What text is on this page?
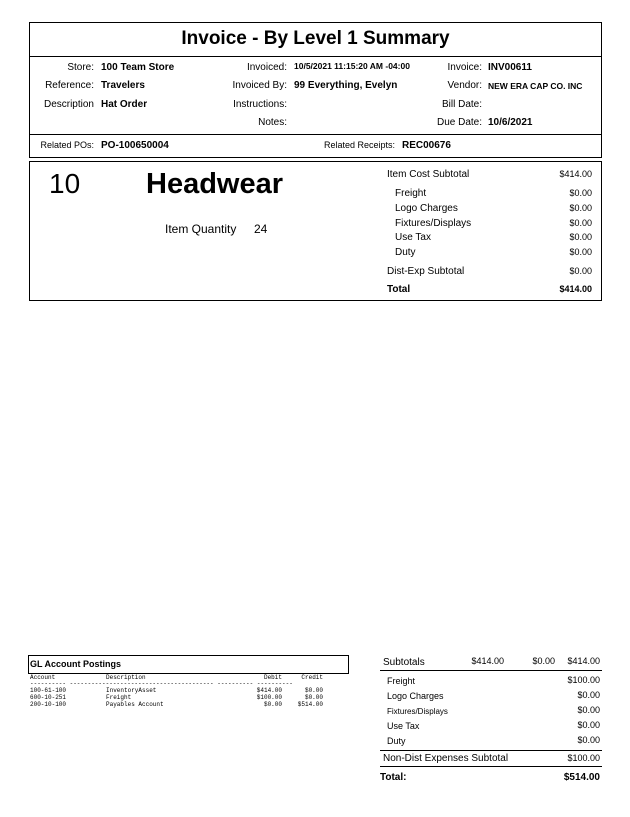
Invoice - By Level 1 Summary
Store: 100 Team Store
Reference: Travelers
Description Hat Order
Invoiced: 10/5/2021 11:15:20 AM -04:00
Invoiced By: 99 Everything, Evelyn
Instructions:
Notes:
Invoice: INV00611
Vendor: NEW ERA CAP CO. INC
Bill Date:
Due Date: 10/6/2021
Related POs: PO-100650004	Related Receipts: REC00676
10 Headwear
Item Quantity 24
Item Cost Subtotal	$414.00
Freight	$0.00
Logo Charges	$0.00
Fixtures/Displays	$0.00
Use Tax	$0.00
Duty	$0.00
Dist-Exp Subtotal	$0.00
Total	$414.00
GL Account Postings
Account	Description	Debit	Credit
---------- ---------------------------------------- ---------- ----------
100-61-100	InventoryAsset	$414.00	$0.00
600-10-251	Freight	$100.00	$0.00
200-10-100	Payables Account	$0.00	$514.00
Subtotals	$414.00	$0.00 $414.00
Freight	$100.00
Logo Charges	$0.00
Fixtures/Displays	$0.00
Use Tax	$0.00
Duty	$0.00
Non-Dist Expenses Subtotal	$100.00
Total:	$514.00
